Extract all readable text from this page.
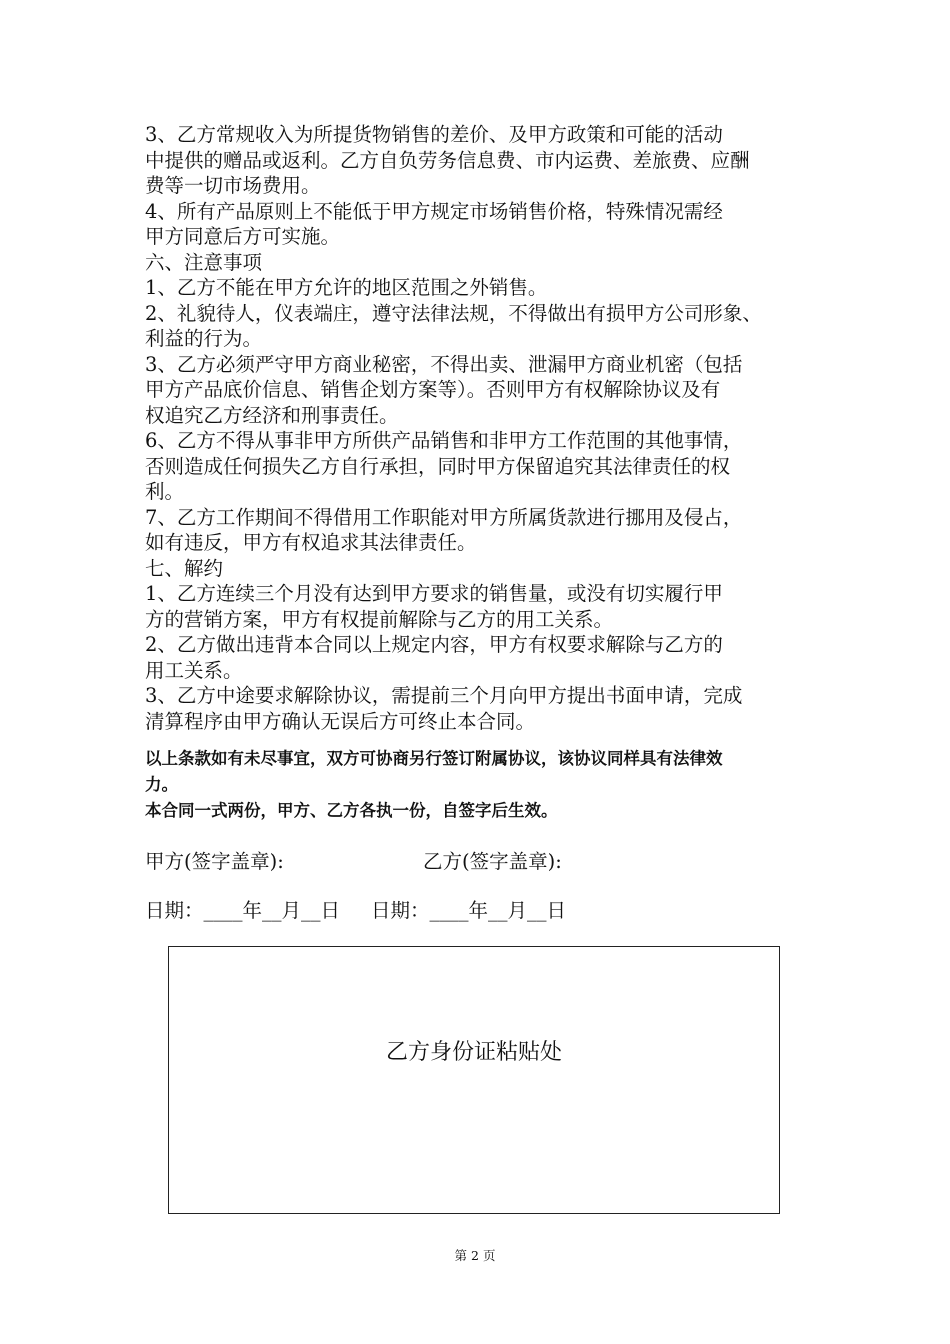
3、乙方常规收入为所提货物销售的差价、及甲方政策和可能的活动
中提供的赠品或返利。乙方自负劳务信息费、市内运费、差旅费、应酬
费等一切市场费用。
4、所有产品原则上不能低于甲方规定市场销售价格，特殊情况需经
甲方同意后方可实施。
六、注意事项
1、乙方不能在甲方允许的地区范围之外销售。
2、礼貌待人，仪表端庄，遵守法律法规，不得做出有损甲方公司形象、
利益的行为。
3、乙方必须严守甲方商业秘密，不得出卖、泄漏甲方商业机密（包括
甲方产品底价信息、销售企划方案等）。否则甲方有权解除协议及有
权追究乙方经济和刑事责任。
6、乙方不得从事非甲方所供产品销售和非甲方工作范围的其他事情，
否则造成任何损失乙方自行承担，同时甲方保留追究其法律责任的权
利。
7、乙方工作期间不得借用工作职能对甲方所属货款进行挪用及侵占，
如有违反，甲方有权追求其法律责任。
七、解约
1、乙方连续三个月没有达到甲方要求的销售量，或没有切实履行甲
方的营销方案，甲方有权提前解除与乙方的用工关系。
2、乙方做出违背本合同以上规定内容，甲方有权要求解除与乙方的
用工关系。
3、乙方中途要求解除协议，需提前三个月向甲方提出书面申请，完成
清算程序由甲方确认无误后方可终止本合同。
以上条款如有未尽事宜，双方可协商另行签订附属协议，该协议同样具有法律效
力。
本合同一式两份，甲方、乙方各执一份，自签字后生效。
甲方(签字盖章):	乙方(签字盖章):
日期：____年__月__日     日期：____年__月__日
乙方身份证粘贴处
第 2 页
